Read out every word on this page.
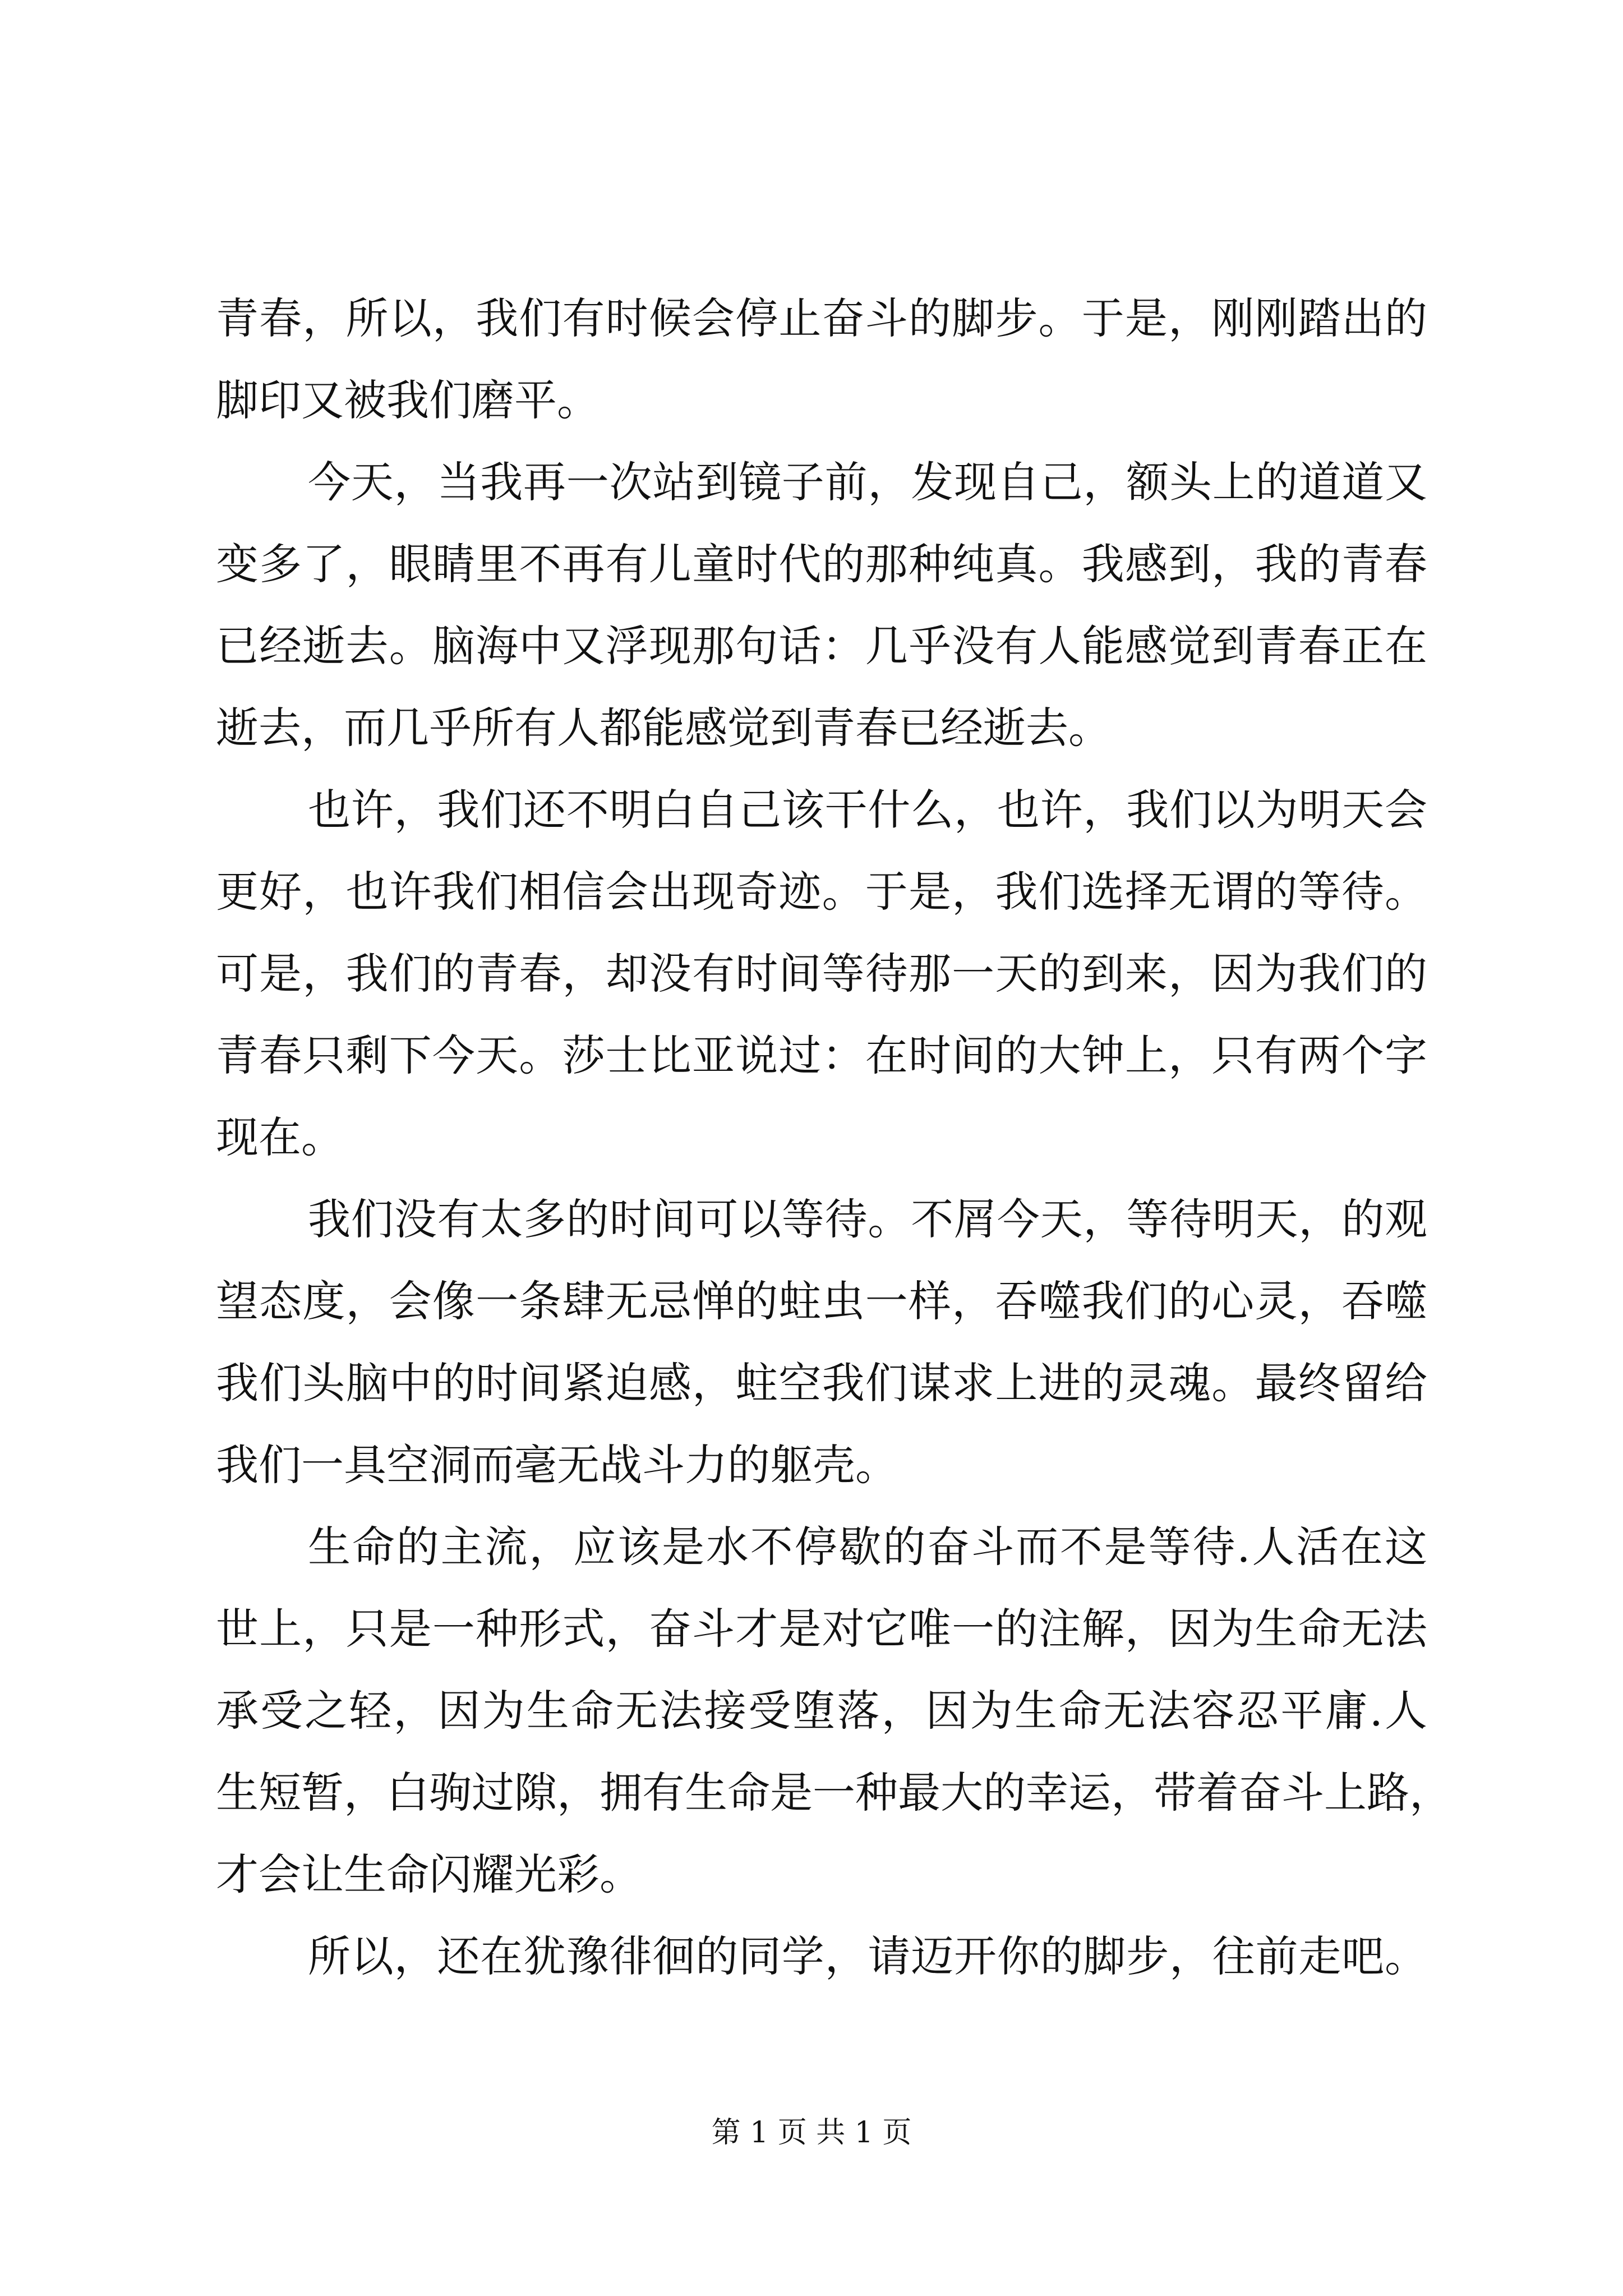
青春，所以，我们有时候会停止奋斗的脚步。于是，刚刚踏出的
脚印又被我们磨平。
今天，当我再一次站到镜子前，发现自己，额头上的道道又
变多了，眼睛里不再有儿童时代的那种纯真。我感到，我的青春
已经逝去。脑海中又浮现那句话：几乎没有人能感觉到青春正在
逝去，而几乎所有人都能感觉到青春已经逝去。
也许，我们还不明白自己该干什么，也许，我们以为明天会
更好，也许我们相信会出现奇迹。于是，我们选择无谓的等待。
可是，我们的青春，却没有时间等待那一天的到来，因为我们的
青春只剩下今天。莎士比亚说过：在时间的大钟上，只有两个字
现在。
我们没有太多的时间可以等待。不屑今天，等待明天，的观
望态度，会像一条肆无忌惮的蛀虫一样，吞噬我们的心灵，吞噬
我们头脑中的时间紧迫感，蛀空我们谋求上进的灵魂。最终留给
我们一具空洞而毫无战斗力的躯壳。
生命的主流，应该是水不停歇的奋斗而不是等待.人活在这
世上，只是一种形式，奋斗才是对它唯一的注解，因为生命无法
承受之轻，因为生命无法接受堕落，因为生命无法容忍平庸.人
生短暂，白驹过隙，拥有生命是一种最大的幸运，带着奋斗上路，
才会让生命闪耀光彩。
所以，还在犹豫徘徊的同学，请迈开你的脚步，往前走吧。
第 1 页 共 1 页
